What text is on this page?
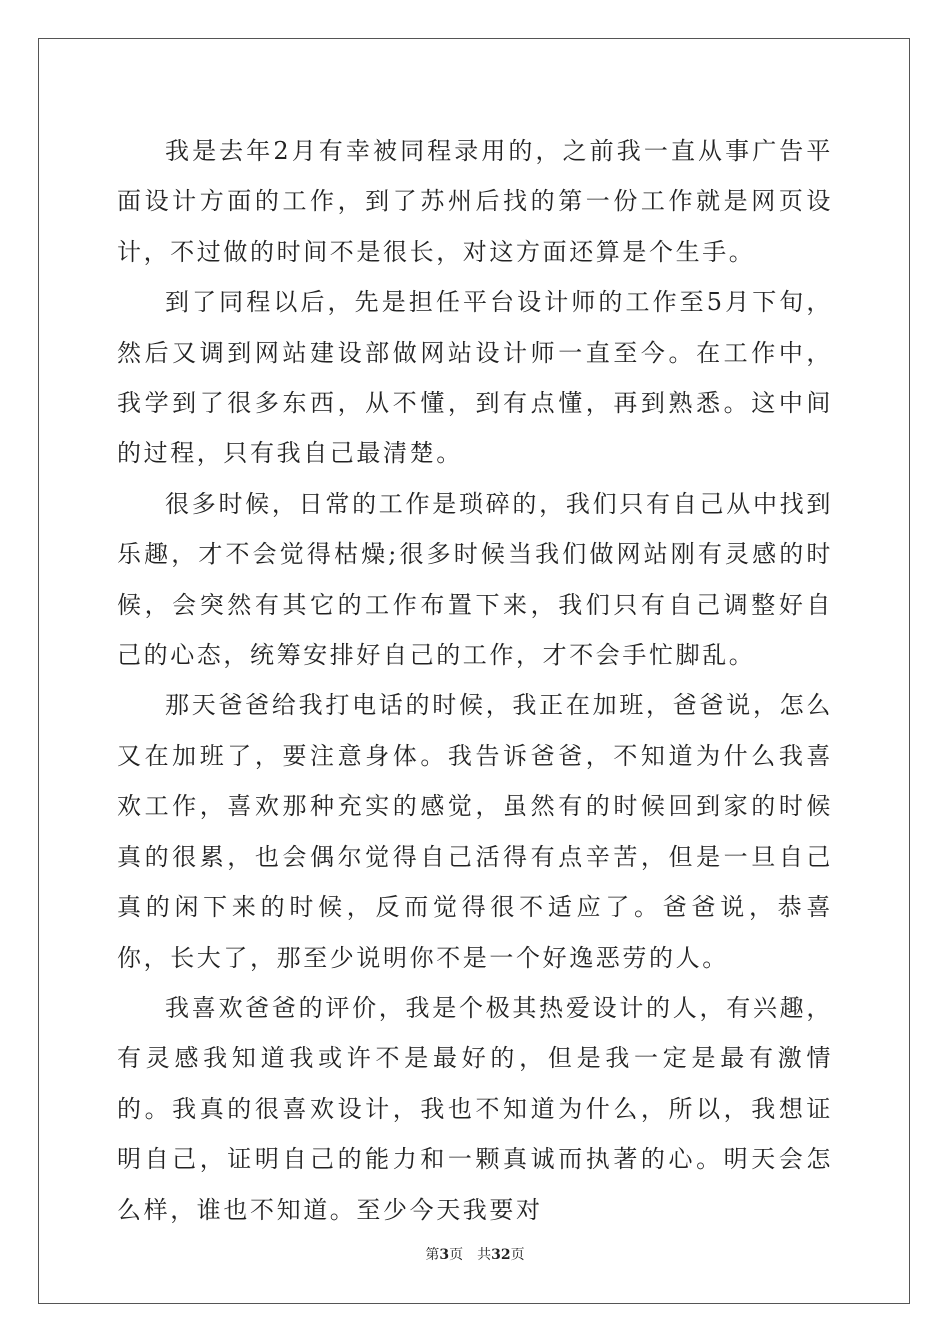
我是去年2月有幸被同程录用的，之前我一直从事广告平面设计方面的工作，到了苏州后找的第一份工作就是网页设计，不过做的时间不是很长，对这方面还算是个生手。

到了同程以后，先是担任平台设计师的工作至5月下旬，然后又调到网站建设部做网站设计师一直至今。在工作中，我学到了很多东西，从不懂，到有点懂，再到熟悉。这中间的过程，只有我自己最清楚。

很多时候，日常的工作是琐碎的，我们只有自己从中找到乐趣，才不会觉得枯燥;很多时候当我们做网站刚有灵感的时候，会突然有其它的工作布置下来，我们只有自己调整好自己的心态，统筹安排好自己的工作，才不会手忙脚乱。

那天爸爸给我打电话的时候，我正在加班，爸爸说，怎么又在加班了，要注意身体。我告诉爸爸，不知道为什么我喜欢工作，喜欢那种充实的感觉，虽然有的时候回到家的时候真的很累，也会偶尔觉得自己活得有点辛苦，但是一旦自己真的闲下来的时候，反而觉得很不适应了。爸爸说，恭喜你，长大了，那至少说明你不是一个好逸恶劳的人。

我喜欢爸爸的评价，我是个极其热爱设计的人，有兴趣，有灵感我知道我或许不是最好的，但是我一定是最有激情的。我真的很喜欢设计，我也不知道为什么，所以，我想证明自己，证明自己的能力和一颗真诚而执著的心。明天会怎么样，谁也不知道。至少今天我要对

第3页 共32页
